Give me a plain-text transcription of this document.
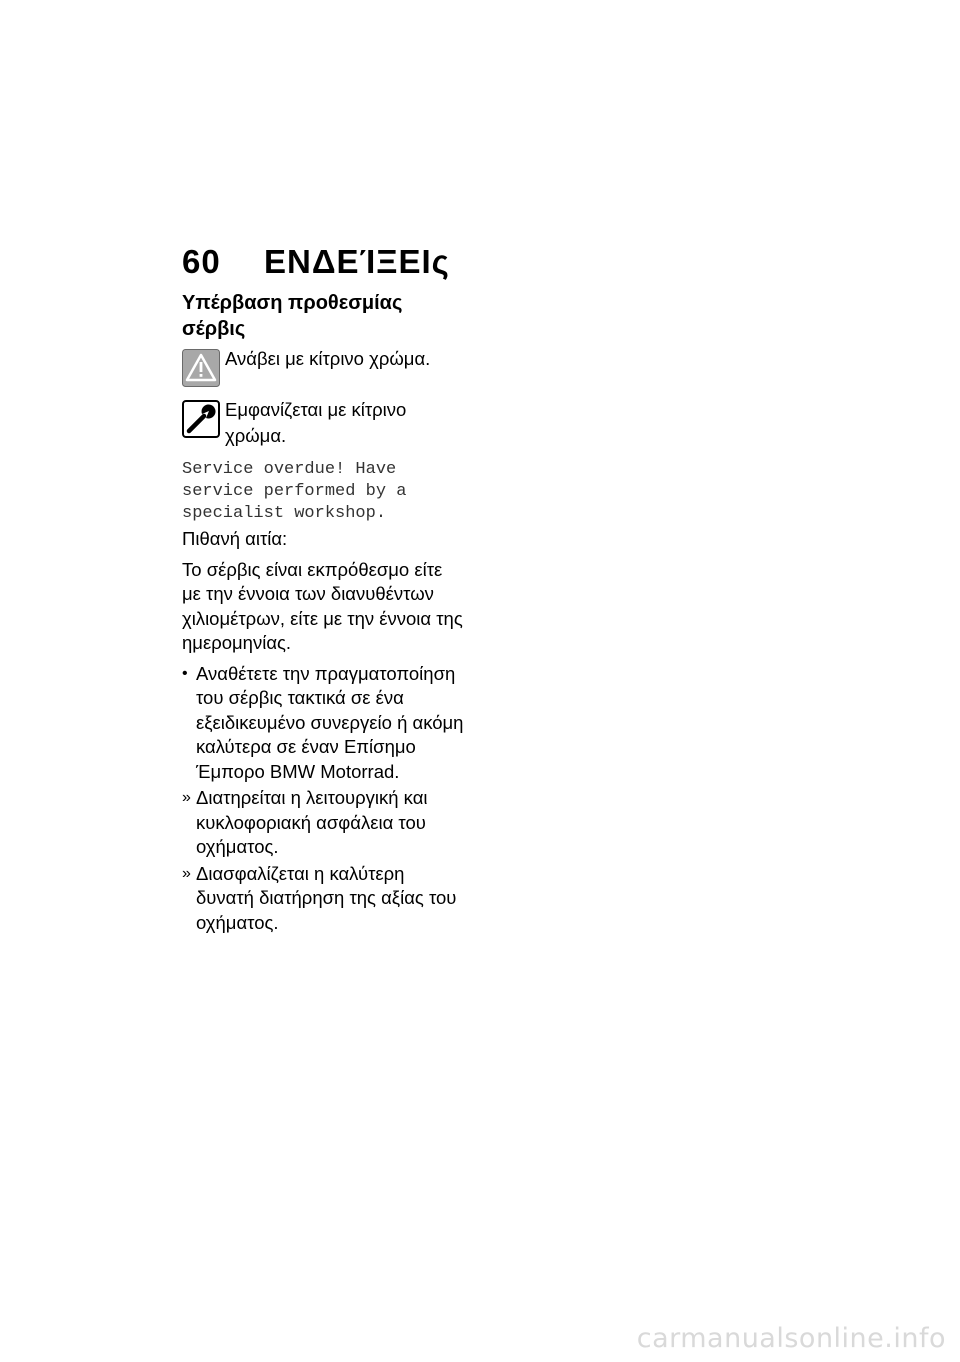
60 ΕΝΔΕΊΞΕΙς
Υπέρβαση προθεσμίας σέρβις
Ανάβει με κίτρινο χρώμα.
Εμφανίζεται με κίτρινο χρώμα.
Service overdue! Have service performed by a specialist workshop.
Πιθανή αιτία:
Το σέρβις είναι εκπρόθεσμο είτε με την έννοια των διανυθέντων χιλιομέτρων, είτε με την έννοια της ημερομηνίας.
• Αναθέτετε την πραγματοποίηση του σέρβις τακτικά σε ένα εξειδικευμένο συνεργείο ή ακόμη καλύτερα σε έναν Επίσημο Έμπορο BMW Motorrad.
» Διατηρείται η λειτουργική και κυκλοφοριακή ασφάλεια του οχήματος.
» Διασφαλίζεται η καλύτερη δυνατή διατήρηση της αξίας του οχήματος.
carmanualsonline.info
